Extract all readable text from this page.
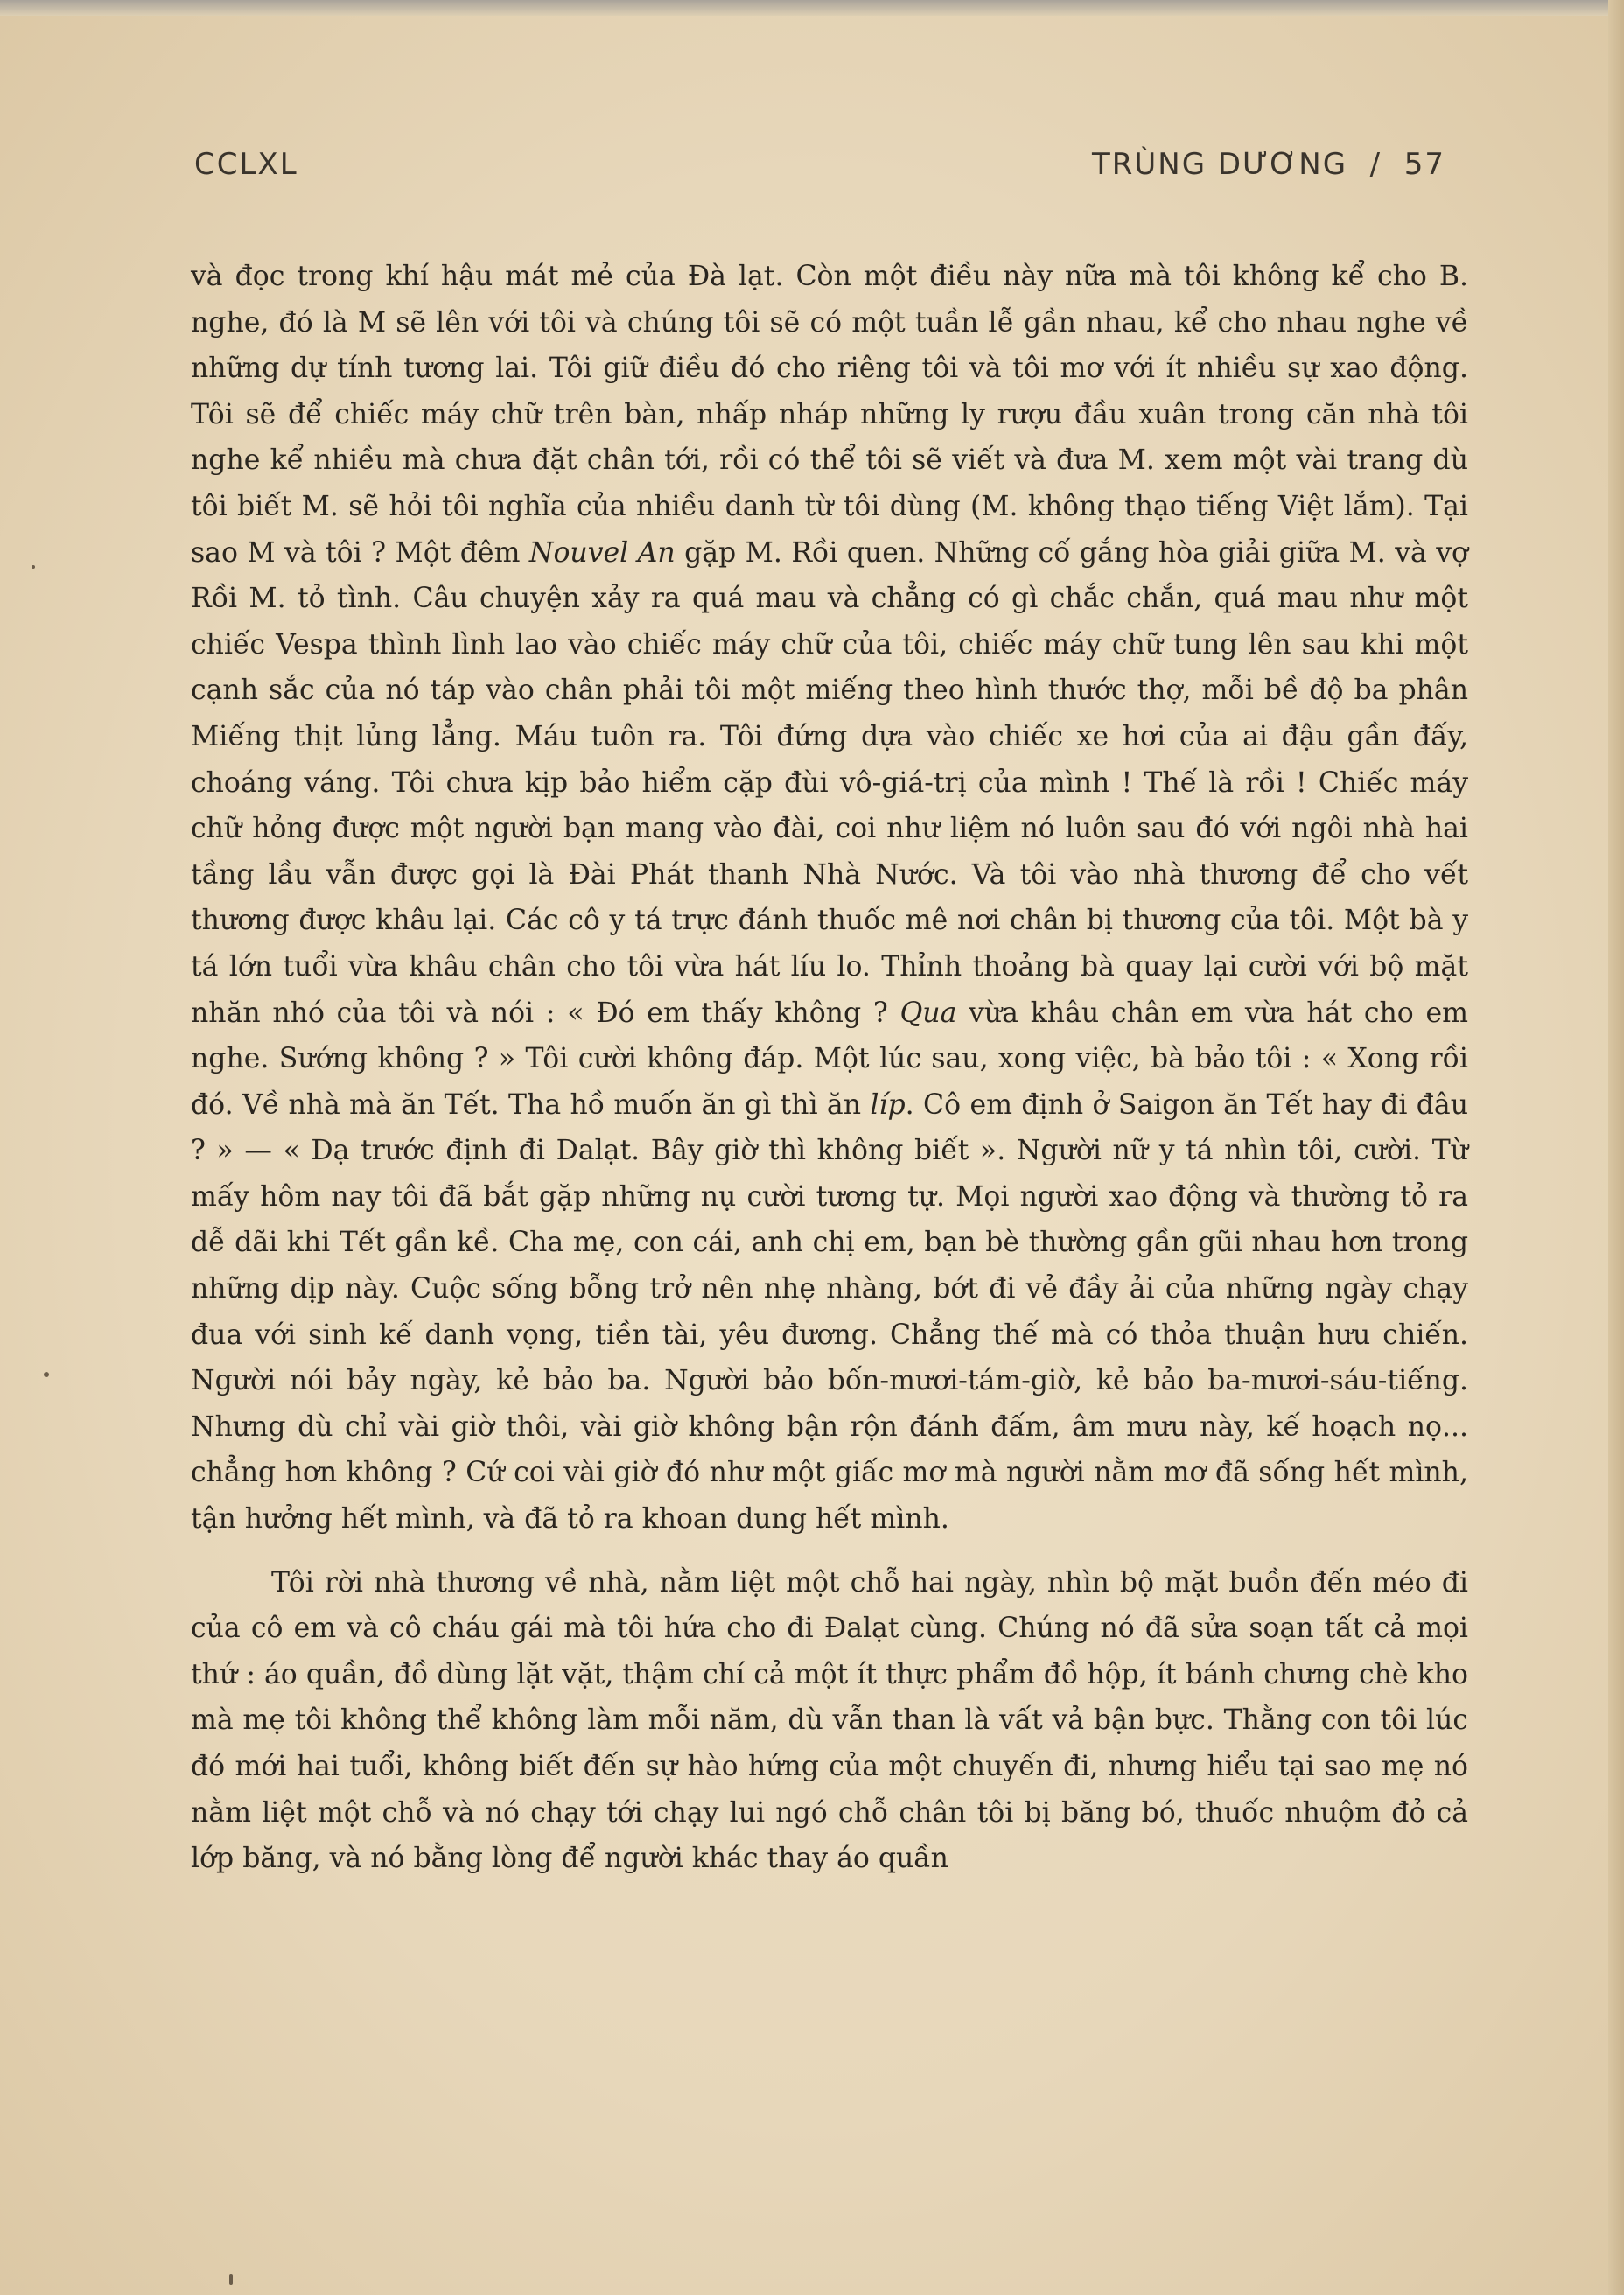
CCLXL	TRÙNG DƯƠNG  /  57

và đọc trong khí hậu mát mẻ của Đà lạt. Còn một điều này nữa mà tôi không kể cho B. nghe, đó là M sẽ lên với tôi và chúng tôi sẽ có một tuần lễ gần nhau, kể cho nhau nghe về những dự tính tương lai. Tôi giữ điều đó cho riêng tôi và tôi mơ với ít nhiều sự xao động. Tôi sẽ để chiếc máy chữ trên bàn, nhấp nháp những ly rượu đầu xuân trong căn nhà tôi nghe kể nhiều mà chưa đặt chân tới, rồi có thể tôi sẽ viết và đưa M. xem một vài trang dù tôi biết M. sẽ hỏi tôi nghĩa của nhiều danh từ tôi dùng (M. không thạo tiếng Việt lắm). Tại sao M và tôi ? Một đêm Nouvel An gặp M. Rồi quen. Những cố gắng hòa giải giữa M. và vợ Rồi M. tỏ tình. Câu chuyện xảy ra quá mau và chẳng có gì chắc chắn, quá mau như một chiếc Vespa thình lình lao vào chiếc máy chữ của tôi, chiếc máy chữ tung lên sau khi một cạnh sắc của nó táp vào chân phải tôi một miếng theo hình thước thợ, mỗi bề độ ba phân Miếng thịt lủng lẳng. Máu tuôn ra. Tôi đứng dựa vào chiếc xe hơi của ai đậu gần đấy, choáng váng. Tôi chưa kịp bảo hiểm cặp đùi vô-giá-trị của mình ! Thế là rồi ! Chiếc máy chữ hỏng được một người bạn mang vào đài, coi như liệm nó luôn sau đó với ngôi nhà hai tầng lầu vẫn được gọi là Đài Phát thanh Nhà Nước. Và tôi vào nhà thương để cho vết thương được khâu lại. Các cô y tá trực đánh thuốc mê nơi chân bị thương của tôi. Một bà y tá lớn tuổi vừa khâu chân cho tôi vừa hát líu lo. Thỉnh thoảng bà quay lại cười với bộ mặt nhăn nhó của tôi và nói : « Đó em thấy không ? Qua vừa khâu chân em vừa hát cho em nghe. Sướng không ? » Tôi cười không đáp. Một lúc sau, xong việc, bà bảo tôi : « Xong rồi đó. Về nhà mà ăn Tết. Tha hồ muốn ăn gì thì ăn líp. Cô em định ở Saigon ăn Tết hay đi đâu ? » — « Dạ trước định đi Dalạt. Bây giờ thì không biết ». Người nữ y tá nhìn tôi, cười. Từ mấy hôm nay tôi đã bắt gặp những nụ cười tương tự. Mọi người xao động và thường tỏ ra dễ dãi khi Tết gần kề. Cha mẹ, con cái, anh chị em, bạn bè thường gần gũi nhau hơn trong những dịp này. Cuộc sống bỗng trở nên nhẹ nhàng, bớt đi vẻ đầy ải của những ngày chạy đua với sinh kế danh vọng, tiền tài, yêu đương. Chẳng thế mà có thỏa thuận hưu chiến. Người nói bảy ngày, kẻ bảo ba. Người bảo bốn-mươi-tám-giờ, kẻ bảo ba-mươi-sáu-tiếng. Nhưng dù chỉ vài giờ thôi, vài giờ không bận rộn đánh đấm, âm mưu này, kế hoạch nọ... chẳng hơn không ? Cứ coi vài giờ đó như một giấc mơ mà người nằm mơ đã sống hết mình, tận hưởng hết mình, và đã tỏ ra khoan dung hết mình.

Tôi rời nhà thương về nhà, nằm liệt một chỗ hai ngày, nhìn bộ mặt buồn đến méo đi của cô em và cô cháu gái mà tôi hứa cho đi Đalạt cùng. Chúng nó đã sửa soạn tất cả mọi thứ : áo quần, đồ dùng lặt vặt, thậm chí cả một ít thực phẩm đồ hộp, ít bánh chưng chè kho mà mẹ tôi không thể không làm mỗi năm, dù vẫn than là vất vả bận bực. Thằng con tôi lúc đó mới hai tuổi, không biết đến sự hào hứng của một chuyến đi, nhưng hiểu tại sao mẹ nó nằm liệt một chỗ và nó chạy tới chạy lui ngó chỗ chân tôi bị băng bó, thuốc nhuộm đỏ cả lớp băng, và nó bằng lòng để người khác thay áo quần
